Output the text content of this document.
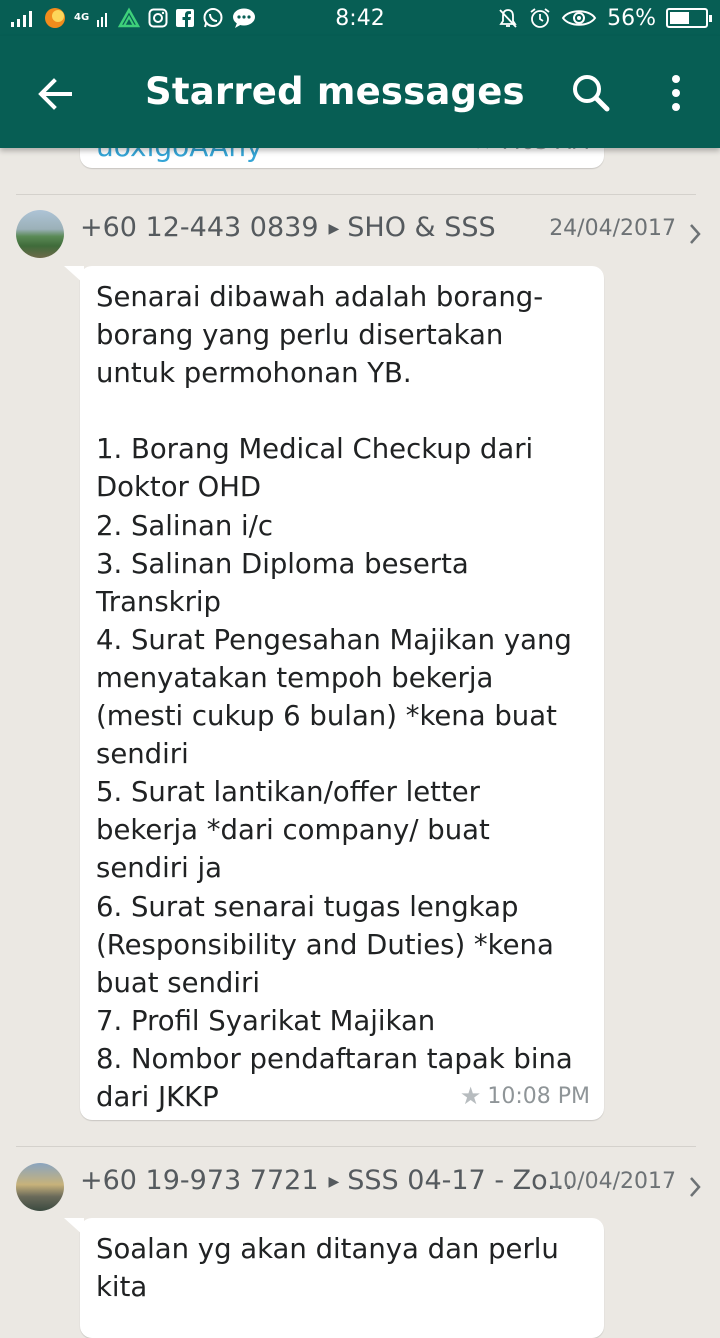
4G	8:42	56%
Starred messages
+60 12-443 0839 ▶ SHO & SSS 24/04/2017

Senarai dibawah adalah borang-borang yang perlu disertakan untuk permohonan YB.

1. Borang Medical Checkup dari Doktor OHD
2. Salinan i/c
3. Salinan Diploma beserta Transkrip
4. Surat Pengesahan Majikan yang menyatakan tempoh bekerja (mesti cukup 6 bulan) *kena buat sendiri
5. Surat lantikan/offer letter bekerja *dari company/ buat sendiri ja
6. Surat senarai tugas lengkap (Responsibility and Duties) *kena buat sendiri
7. Profil Syarikat Majikan
8. Nombor pendaftaran tapak bina dari JKKP	★ 10:08 PM
+60 19-973 7721 ▶ SSS 04-17 - Zo...
10/04/2017

Soalan yg akan ditanya dan perlu kita
